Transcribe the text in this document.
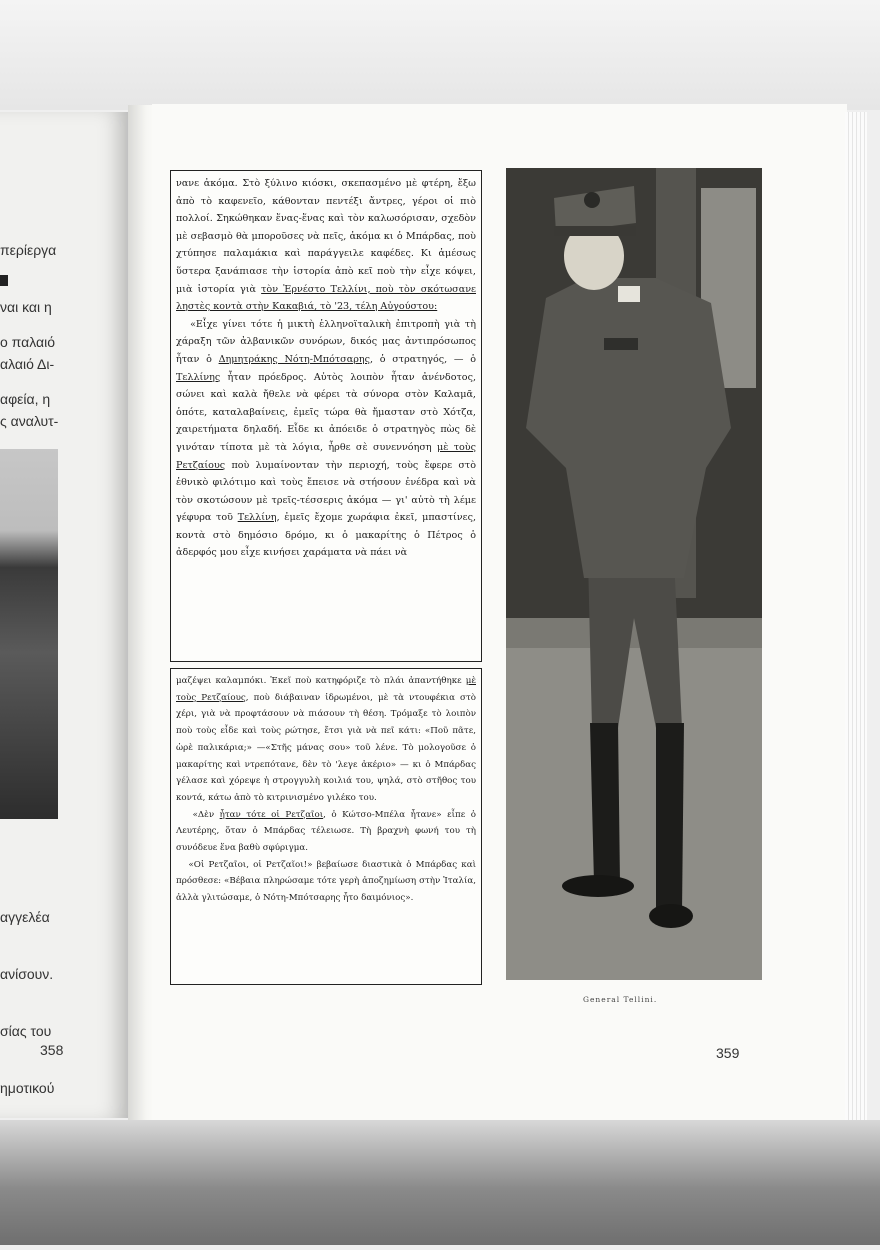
περίεργα

ναι και η

αλαιό Δι-

ς αναλυτ-

ο παλαιό

αφεία, η

αγγελέα

ανίσουν.

σίας του

ημοτικού

358

νανε ἀκόμα. Στὸ ξύλινο κιόσκι, σκεπασμένο μὲ φτέρη, ἔξω ἀπὸ τὸ καφενεῖο, κάθονταν πεντέξι ἄντρες, γέροι οἱ πιὸ πολλοί. Σηκώθηκαν ἕνας-ἕνας καὶ τὸν καλωσόρισαν, σχεδὸν μὲ σεβασμὸ θὰ μποροῦσες νὰ πεῖς, ἀκόμα κι ὁ Μπάρδας, ποὺ χτύπησε παλαμάκια καὶ παράγγειλε καφέδες. Κι ἀμέσως ὕστερα ξανάπιασε τὴν ἱστορία ἀπὸ κεῖ ποὺ τὴν εἶχε κόψει, μιὰ ἱστορία γιὰ τὸν Ἐρνέστο Τελλίνι, ποὺ τὸν σκότωσανε ληστὲς κοντὰ στὴν Κακαβιά, τὸ '23, τέλη Αὐγούστου:

«Εἶχε γίνει τότε ἡ μικτὴ ἑλληνοϊταλικὴ ἐπιτροπὴ γιὰ τὴ χάραξη τῶν ἀλβανικῶν συνόρων, δικός μας ἀντιπρόσωπος ἦταν ὁ Δημητράκης Νότη-Μπότσαρης, ὁ στρατηγός, — ὁ Τελλίνης ἦταν πρόεδρος. Αὐτὸς λοιπὸν ἦταν ἀνένδοτος, σώνει καὶ καλὰ ἤθελε νὰ φέρει τὰ σύνορα στὸν Καλαμᾶ, ὁπότε, καταλαβαίνεις, ἐμεῖς τώρα θὰ ἤμασταν στὸ Χότζα, χαιρετήματα δηλαδή. Εἶδε κι ἀπόειδε ὁ στρατηγὸς πὼς δὲ γινόταν τίποτα μὲ τὰ λόγια, ἦρθε σὲ συνεννόηση μὲ τοὺς Ρετζαίους ποὺ λυμαίνονταν τὴν περιοχή, τοὺς ἔφερε στὸ ἐθνικὸ φιλότιμο καὶ τοὺς ἔπεισε νὰ στήσουν ἐνέδρα καὶ νὰ τὸν σκοτώσουν μὲ τρεῖς-τέσσερις ἀκόμα — γι' αὐτὸ τὴ λέμε γέφυρα τοῦ Τελλίνη, ἐμεῖς ἔχομε χωράφια ἐκεῖ, μπαστίνες, κοντὰ στὸ δημόσιο δρόμο, κι ὁ μακαρίτης ὁ Πέτρος ὁ ἀδερφός μου εἶχε κινήσει χαράματα νὰ πάει νὰ

μαζέψει καλαμπόκι. Ἐκεῖ ποὺ κατηφόριζε τὸ πλάι ἀπαντήθηκε μὲ τοὺς Ρετζαίους, ποὺ διάβαιναν ἱδρωμένοι, μὲ τὰ ντουφέκια στὸ χέρι, γιὰ νὰ προφτάσουν νὰ πιάσουν τὴ θέση. Τρόμαξε τὸ λοιπὸν ποὺ τοὺς εἶδε καὶ τοὺς ρώτησε, ἔτσι γιὰ νὰ πεῖ κάτι: «Ποῦ πᾶτε, ὡρὲ παλικάρια;» —«Στῆς μάνας σου» τοῦ λένε. Τὸ μολογοῦσε ὁ μακαρίτης καὶ ντρεπότανε, δὲν τὸ 'λεγε ἀκέριο» — κι ὁ Μπάρδας γέλασε καὶ χόρεψε ἡ στρογγυλὴ κοιλιά του, ψηλά, στὸ στῆθος του κοντά, κάτω ἀπὸ τὸ κιτρινισμένο γιλέκο του.

«Δὲν ἦταν τότε οἱ Ρετζαῖοι, ὁ Κώτσο-Μπέλα ἦτανε» εἶπε ὁ Λευτέρης, ὅταν ὁ Μπάρδας τέλειωσε. Τὴ βραχνὴ φωνή του τὴ συνόδευε ἕνα βαθὺ σφύριγμα.

«Οἱ Ρετζαῖοι, οἱ Ρετζαῖοι!» βεβαίωσε διαστικὰ ὁ Μπάρδας καὶ πρόσθεσε: «Βέβαια πληρώσαμε τότε γερὴ ἀποζημίωση στὴν Ἰταλία, ἀλλὰ γλιτώσαμε, ὁ Νότη-Μπότσαρης ἦτο δαιμόνιος».

General Tellini.
359
